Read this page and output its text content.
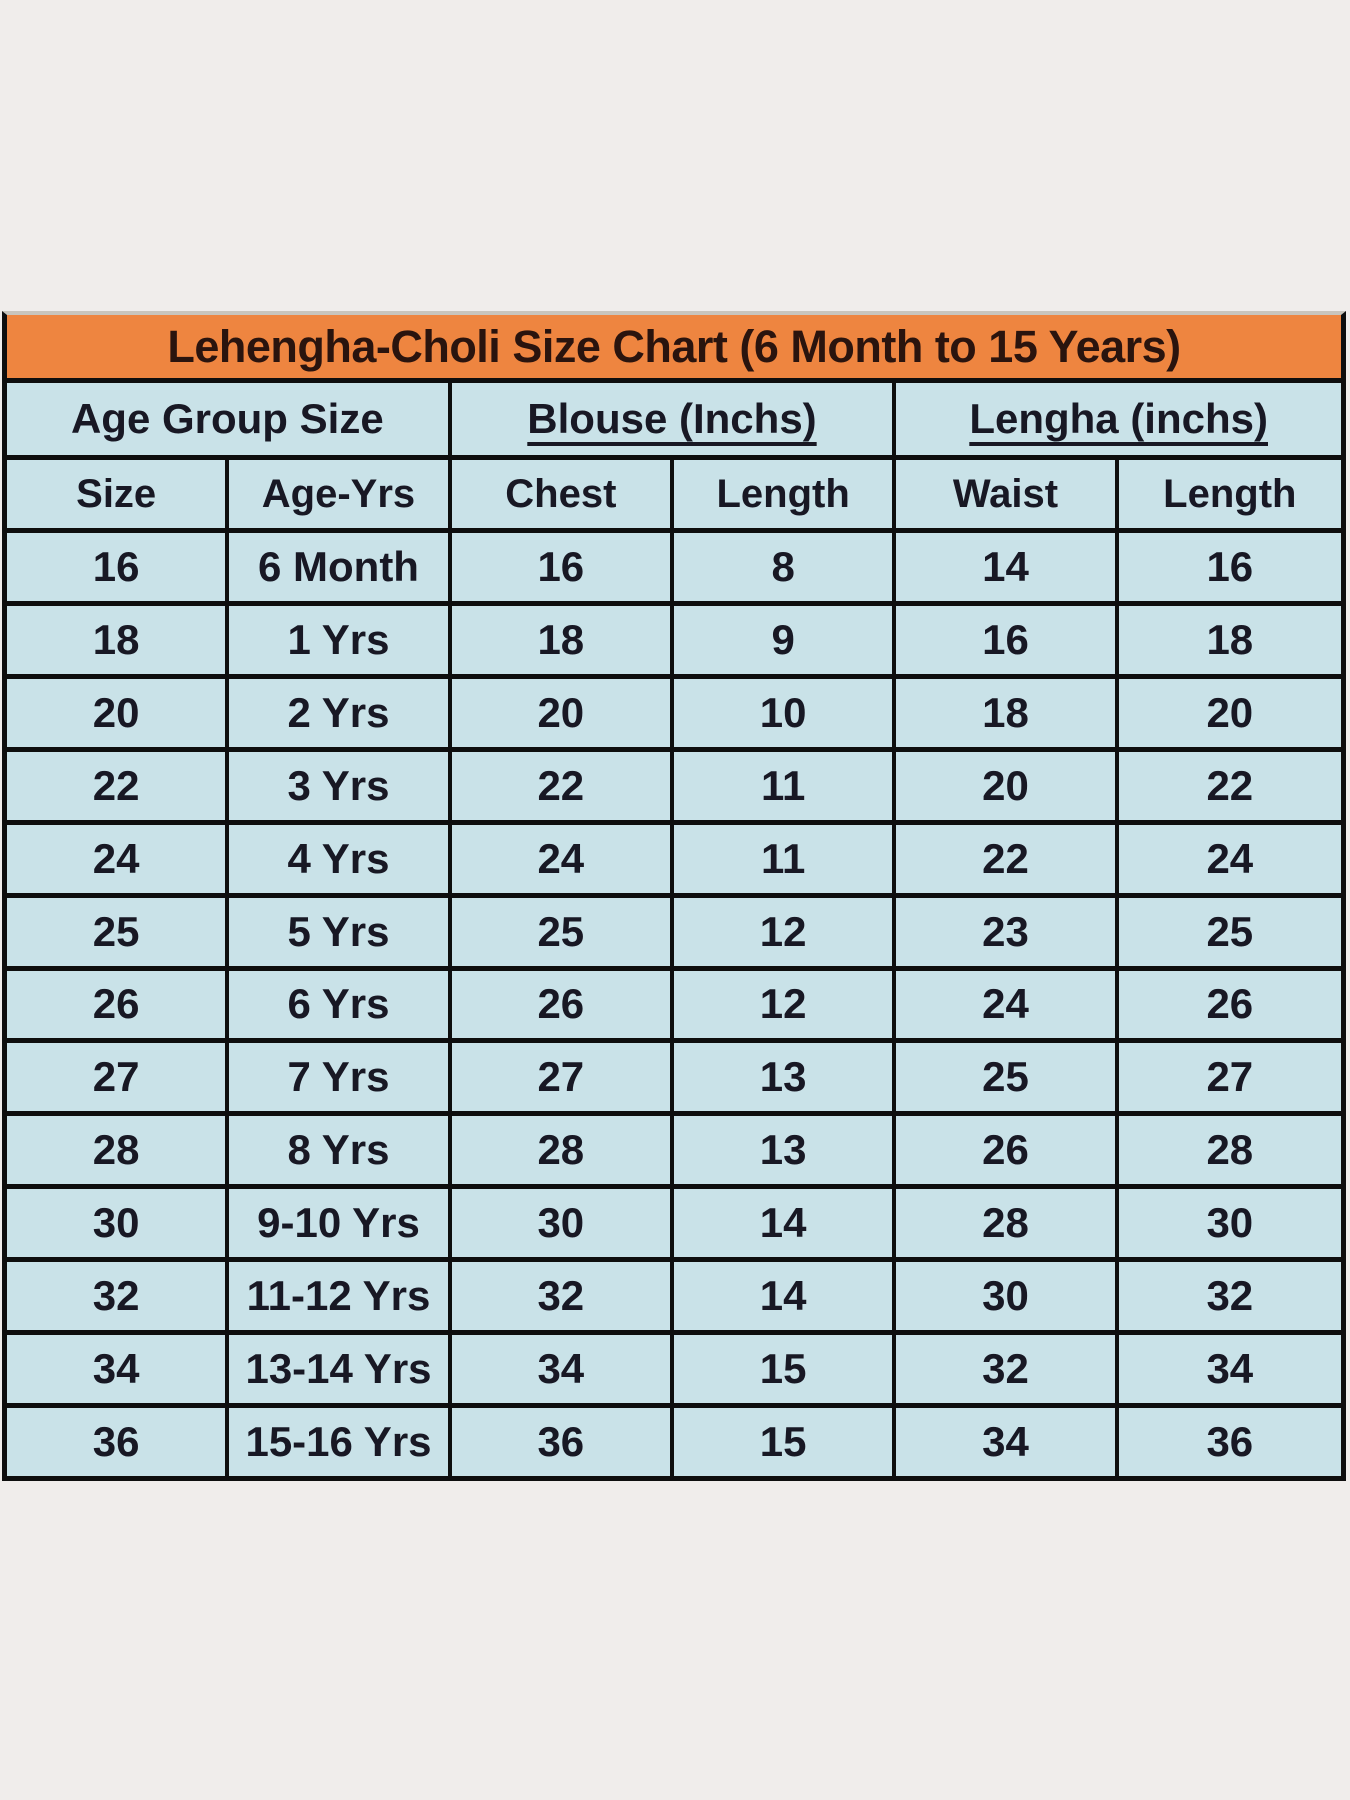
Lehengha-Choli Size Chart (6 Month to 15 Years)
Age Group Size	Blouse (Inchs)	Lengha (inchs)
Size	Age-Yrs	Chest	Length	Waist	Length
16	6 Month	16	8	14	16
18	1 Yrs	18	9	16	18
20	2 Yrs	20	10	18	20
22	3 Yrs	22	11	20	22
24	4 Yrs	24	11	22	24
25	5 Yrs	25	12	23	25
26	6 Yrs	26	12	24	26
27	7 Yrs	27	13	25	27
28	8 Yrs	28	13	26	28
30	9-10 Yrs	30	14	28	30
32	11-12 Yrs	32	14	30	32
34	13-14 Yrs	34	15	32	34
36	15-16 Yrs	36	15	34	36
